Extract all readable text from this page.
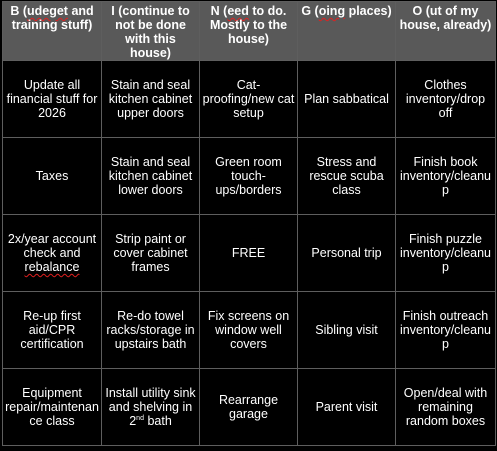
B (udeget and training stuff)	I (continue to not be done with this house)	N (eed to do. Mostly to the house)	G (oing places)	O (ut of my house, already)
Update all financial stuff for 2026	Stain and seal kitchen cabinet upper doors	Cat-proofing/new cat setup	Plan sabbatical	Clothes inventory/drop off
Taxes	Stain and seal kitchen cabinet lower doors	Green room touch-ups/borders	Stress and rescue scuba class	Finish book inventory/cleanup
2x/year account check and rebalance	Strip paint or cover cabinet frames	FREE	Personal trip	Finish puzzle inventory/cleanup
Re-up first aid/CPR certification	Re-do towel racks/storage in upstairs bath	Fix screens on window well covers	Sibling visit	Finish outreach inventory/cleanup
Equipment repair/maintenance class	Install utility sink and shelving in 2nd bath	Rearrange garage	Parent visit	Open/deal with remaining random boxes
